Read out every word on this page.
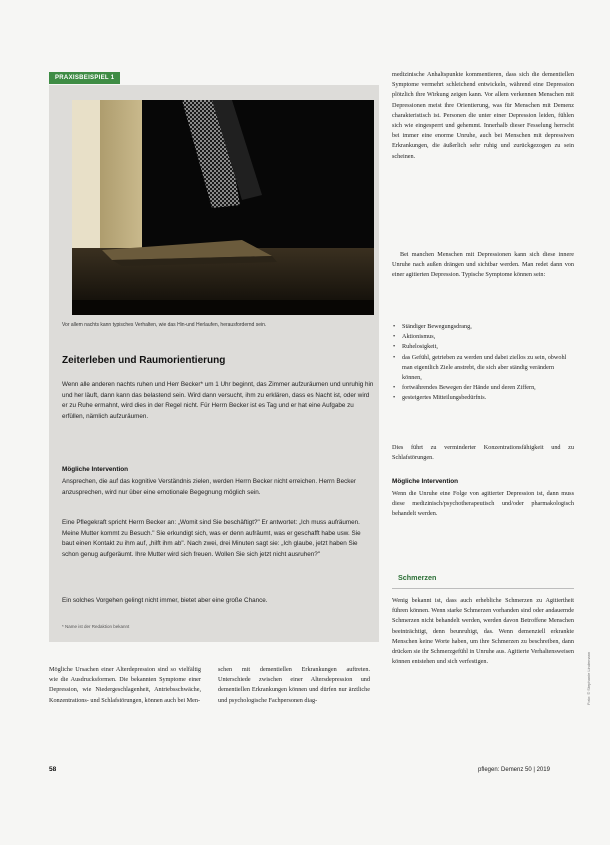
PRAXISBEISPIEL 1
Vor allem nachts kann typisches Verhalten, wie das Hin-und Herlaufen, herausfordernd sein.
Zeiterleben und Raumorientierung

Wenn alle anderen nachts ruhen und Herr Becker* um 1 Uhr beginnt, das Zimmer aufzuräumen und unruhig hin und her läuft, dann kann das belastend sein. Wird dann versucht, ihm zu erklären, dass es Nacht ist, oder wird er zu Ruhe ermahnt, wird dies in der Regel nicht. Für Herrn Becker ist es Tag und er hat eine Aufgabe zu erfüllen, nämlich aufzuräumen.

Mögliche Intervention

Ansprechen, die auf das kognitive Verständnis zielen, werden Herrn Becker nicht erreichen. Herrn Becker anzusprechen, wird nur über eine emotionale Begegnung möglich sein.

Eine Pflegekraft spricht Herrn Becker an: „Womit sind Sie beschäftigt?" Er antwortet: „Ich muss aufräumen. Meine Mutter kommt zu Besuch." Sie erkundigt sich, was er denn aufräumt, was er geschafft habe usw. Sie baut einen Kontakt zu ihm auf, „hilft ihm ab". Nach zwei, drei Minuten sagt sie: „Ich glaube, jetzt haben Sie schon genug aufgeräumt. Ihre Mutter wird sich freuen. Wollen Sie sich jetzt nicht ausruhen?"

Ein solches Vorgehen gelingt nicht immer, bietet aber eine große Chance.

* Name ist der Redaktion bekannt

medizinische Anhaltspunkte kommentieren, dass sich die dementiellen Symptome vermehrt schleichend entwickeln, während eine Depression plötzlich ihre Wirkung zeigen kann. Vor allem verkennen Menschen mit Depressionen meist ihre Orientierung, was für Menschen mit Demenz charakteristisch ist. Personen die unter einer Depression leiden, fühlen sich wie eingesperrt und gehemmt. Innerhalb dieser Fesselung herrscht bei immer eine enorme Unruhe, auch bei Menschen mit depressiven Erkrankungen, die äußerlich sehr ruhig und zurückgezogen zu sein scheinen.

Bei manchen Menschen mit Depressionen kann sich diese innere Unruhe nach außen drängen und sichtbar werden. Man redet dann von einer agitierten Depression. Typische Symptome können sein:

• Ständiger Bewegungsdrang,
• Aktionismus,
• Ruhelosigkeit,
• das Gefühl, getrieben zu werden und dabei ziellos zu sein, obwohl man eigentlich Ziele anstrebt, die sich aber ständig verändern können,
• fortwährendes Bewegen der Hände und deren Ziffern,
• gesteigertes Mitteilungsbedürfnis.

Dies führt zu verminderter Konzentrationsfähigkeit und zu Schlafstörungen.

Mögliche Intervention

Wenn die Unruhe eine Folge von agitierter Depression ist, dann muss diese medizinisch/psychotherapeutisch und/oder pharmakologisch behandelt werden.

Schmerzen

Wenig bekannt ist, dass auch erhebliche Schmerzen zu Agitiertheit führen können. Wenn starke Schmerzen vorhanden sind oder andauernde Schmerzen nicht behandelt werden, werden davon Betroffene Menschen beeinträchtigt, denn beunruhigt, das. Wenn demenziell erkrankte Menschen keine Worte haben, um ihre Schmerzen zu beschreiben, dann drücken sie ihr Schmerzgefühl in Unruhe aus. Agitierte Verhaltensweisen können entstehen und sich verfestigen.

Mögliche Ursachen einer Alterdepression sind so vielfältig wie die Ausdrucksformen. Die bekannten Symptome einer Depression, wie Niedergeschlagenheit, Antriebsschwäche, Konzentrations- und Schlafstörungen, können auch bei Men-

schen mit dementiellen Erkrankungen auftreten. Unterschiede zwischen einer Altersdepression und dementiellen Erkrankungen können und dürfen nur ärztliche und psychologische Fachpersonen diag-

58	pflegen: Demenz 50 | 2019
Foto: © Stephanie Lindemann
